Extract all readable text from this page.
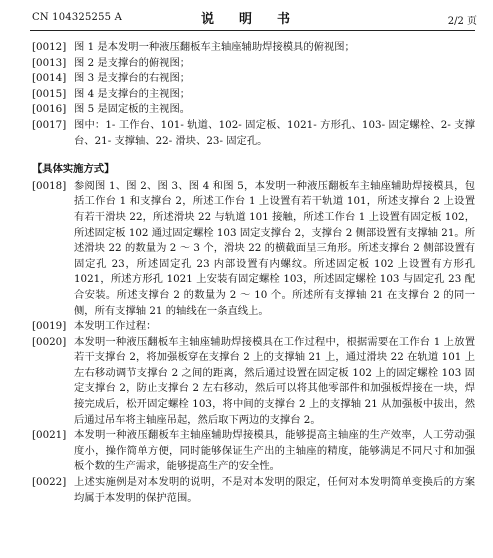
CN 104325255 A	说　明　书	2/2 页
[0012] 图 1 是本发明一种液压翻板车主轴座辅助焊接模具的俯视图；
[0013] 图 2 是支撑台的俯视图；
[0014] 图 3 是支撑台的右视图；
[0015] 图 4 是支撑台的主视图；
[0016] 图 5 是固定板的主视图。
[0017] 图中：1- 工作台、101- 轨道、102- 固定板、1021- 方形孔、103- 固定螺栓、2- 支撑台、21- 支撑轴、22- 滑块、23- 固定孔。
【具体实施方式】
[0018] 参阅图 1、图 2、图 3、图 4 和图 5，本发明一种液压翻板车主轴座辅助焊接模具，包括工作台 1 和支撑台 2，所述工作台 1 上设置有若干轨道 101，所述支撑台 2 上设置有若干滑块 22，所述滑块 22 与轨道 101 接触，所述工作台 1 上设置有固定板 102，所述固定板 102 通过固定螺栓 103 固定支撑台 2，支撑台 2 侧部设置有支撑轴 21。所述滑块 22 的数量为 2 ～ 3 个，滑块 22 的横截面呈三角形。所述支撑台 2 侧部设置有固定孔 23，所述固定孔 23 内部设置有内螺纹。所述固定板 102 上设置有方形孔 1021，所述方形孔 1021 上安装有固定螺栓 103，所述固定螺栓 103 与固定孔 23 配合安装。所述支撑台 2 的数量为 2 ～ 10 个。所述所有支撑轴 21 在支撑台 2 的同一侧，所有支撑轴 21 的轴线在一条直线上。
[0019] 本发明工作过程：
[0020] 本发明一种液压翻板车主轴座辅助焊接模具在工作过程中，根据需要在工作台 1 上放置若干支撑台 2，将加强板穿在支撑台 2 上的支撑轴 21 上，通过滑块 22 在轨道 101 上左右移动调节支撑台 2 之间的距离，然后通过设置在固定板 102 上的固定螺栓 103 固定支撑台 2，防止支撑台 2 左右移动，然后可以将其他零部件和加强板焊接在一块，焊接完成后，松开固定螺栓 103，将中间的支撑台 2 上的支撑轴 21 从加强板中拔出，然后通过吊车将主轴座吊起，然后取下两边的支撑台 2。
[0021] 本发明一种液压翻板车主轴座辅助焊接模具，能够提高主轴座的生产效率，人工劳动强度小，操作简单方便，同时能够保证生产出的主轴座的精度，能够满足不同尺寸和加强板个数的生产需求，能够提高生产的安全性。
[0022] 上述实施例是对本发明的说明，不是对本发明的限定，任何对本发明简单变换后的方案均属于本发明的保护范围。
